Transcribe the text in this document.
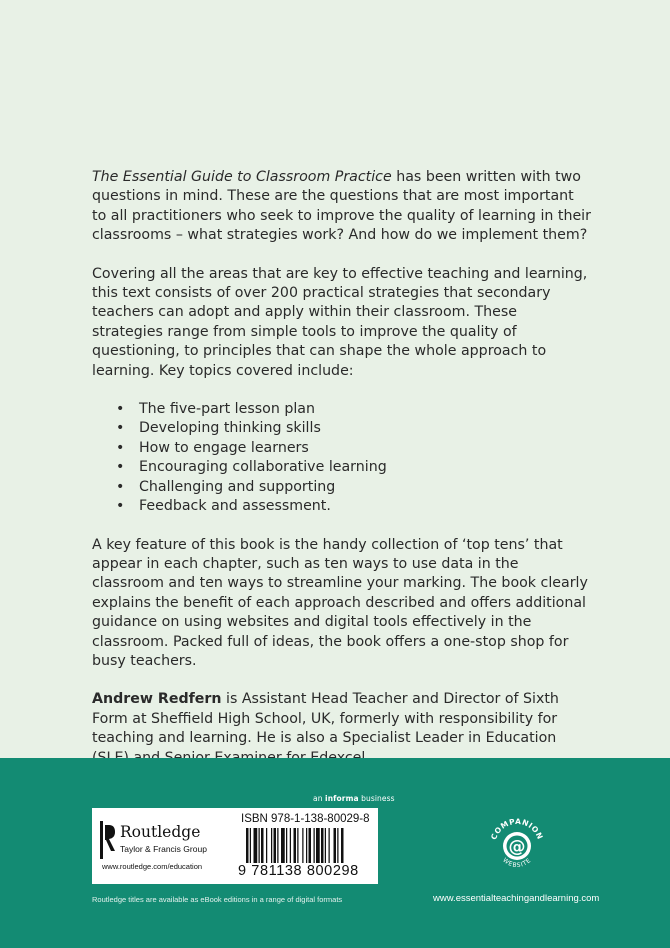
The Essential Guide to Classroom Practice has been written with two questions in mind. These are the questions that are most important to all practitioners who seek to improve the quality of learning in their classrooms – what strategies work? And how do we implement them?

Covering all the areas that are key to effective teaching and learning, this text consists of over 200 practical strategies that secondary teachers can adopt and apply within their classroom. These strategies range from simple tools to improve the quality of questioning, to principles that can shape the whole approach to learning. Key topics covered include:

• The five-part lesson plan
• Developing thinking skills
• How to engage learners
• Encouraging collaborative learning
• Challenging and supporting
• Feedback and assessment.

A key feature of this book is the handy collection of ‘top tens’ that appear in each chapter, such as ten ways to use data in the classroom and ten ways to streamline your marking. The book clearly explains the benefit of each approach described and offers additional guidance on using websites and digital tools effectively in the classroom. Packed full of ideas, the book offers a one-stop shop for busy teachers.

Andrew Redfern is Assistant Head Teacher and Director of Sixth Form at Sheffield High School, UK, formerly with responsibility for teaching and learning. He is also a Specialist Leader in Education

an informa business
Routledge
Taylor & Francis Group
www.routledge.com/education
ISBN 978-1-138-80029-8
9 781138 800298
@
COMPANION
WEBSITE
www.essentialteachingandlearning.com
Routledge titles are available as eBook editions in a range of digital formats
